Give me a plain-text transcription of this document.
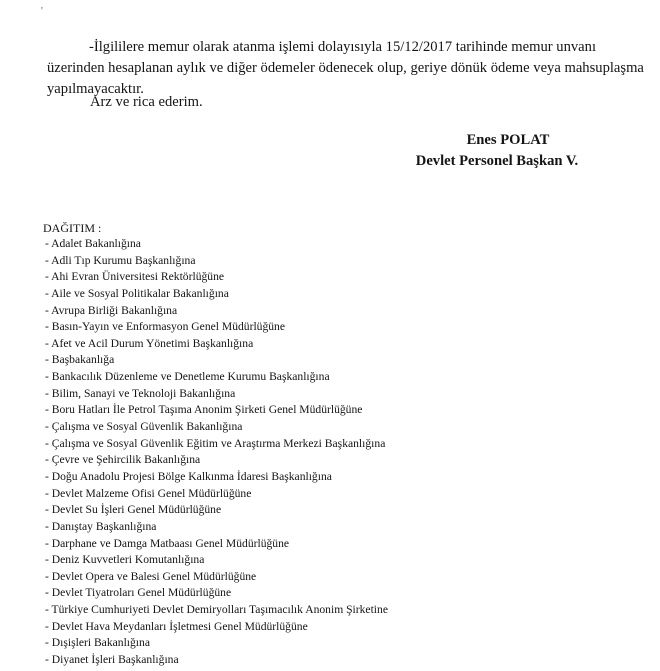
'

-İlgililere memur olarak atanma işlemi dolayısıyla 15/12/2017 tarihinde memur unvanı
üzerinden hesaplanan aylık ve diğer ödemeler ödenecek olup, geriye dönük ödeme veya mahsuplaşma
yapılmayacaktır.

Arz ve rica ederim.
Enes POLAT
Devlet Personel Başkan V.
DAĞITIM :
- Adalet Bakanlığına
- Adli Tıp Kurumu Başkanlığına
- Ahi Evran Üniversitesi Rektörlüğüne
- Aile ve Sosyal Politikalar Bakanlığına
- Avrupa Birliği Bakanlığına
- Basın-Yayın ve Enformasyon Genel Müdürlüğüne
- Afet ve Acil Durum Yönetimi Başkanlığına
- Başbakanlığa
- Bankacılık Düzenleme ve Denetleme Kurumu Başkanlığına
- Bilim, Sanayi ve Teknoloji Bakanlığına
- Boru Hatları İle Petrol Taşıma Anonim Şirketi Genel Müdürlüğüne
- Çalışma ve Sosyal Güvenlik Bakanlığına
- Çalışma ve Sosyal Güvenlik Eğitim ve Araştırma Merkezi Başkanlığına
- Çevre ve Şehircilik Bakanlığına
- Doğu Anadolu Projesi Bölge Kalkınma İdaresi Başkanlığına
- Devlet Malzeme Ofisi Genel Müdürlüğüne
- Devlet Su İşleri Genel Müdürlüğüne
- Danıştay Başkanlığına
- Darphane ve Damga Matbaası Genel Müdürlüğüne
- Deniz Kuvvetleri Komutanlığına
- Devlet Opera ve Balesi Genel Müdürlüğüne
- Devlet Tiyatroları Genel Müdürlüğüne
- Türkiye Cumhuriyeti Devlet Demiryolları Taşımacılık Anonim Şirketine
- Devlet Hava Meydanları İşletmesi Genel Müdürlüğüne
- Dışişleri Bakanlığına
- Diyanet İşleri Başkanlığına
